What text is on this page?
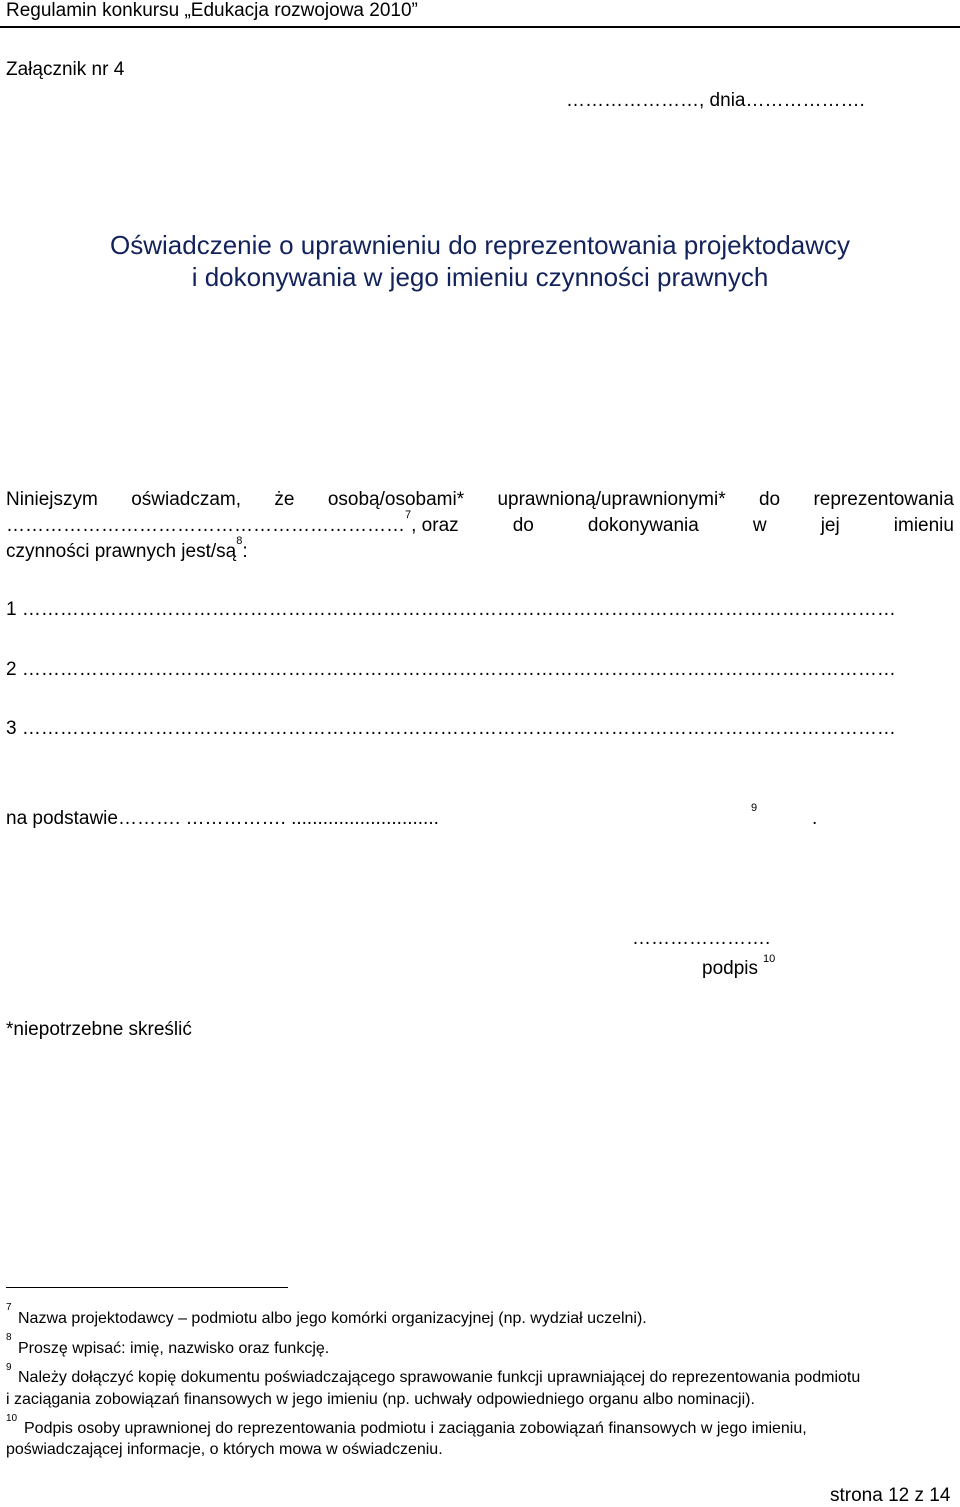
Regulamin konkursu „Edukacja rozwojowa 2010”
Załącznik nr 4
…………………, dnia……………….
Oświadczenie o uprawnieniu do reprezentowania projektodawcy
i dokonywania w jego imieniu czynności prawnych
Niniejszym oświadczam, że osobą/osobami* uprawnioną/uprawnionymi* do reprezentowania
………………………………………………………$^7$, oraz	do	dokonywania	w	jej	imieniu
czynności prawnych jest/są$^8$:
1 …………………………………………………………………………………………………………………………
2 …………………………………………………………………………………………………………………………
3 …………………………………………………………………………………………………………………………
na podstawie………. ……………. ............................	9	.
………………….
podpis 10
*niepotrzebne skreślić
7
Nazwa projektodawcy – podmiotu albo jego komórki organizacyjnej (np. wydział uczelni).
8
Proszę wpisać: imię, nazwisko oraz funkcję.
9
Należy dołączyć kopię dokumentu poświadczającego sprawowanie funkcji uprawniającej do reprezentowania podmiotu
i zaciągania zobowiązań finansowych w jego imieniu (np. uchwały odpowiedniego organu albo nominacji).
10
Podpis osoby uprawnionej do reprezentowania podmiotu i zaciągania zobowiązań finansowych w jego imieniu,
poświadczającej informacje, o których mowa w oświadczeniu.
strona 12 z 14
